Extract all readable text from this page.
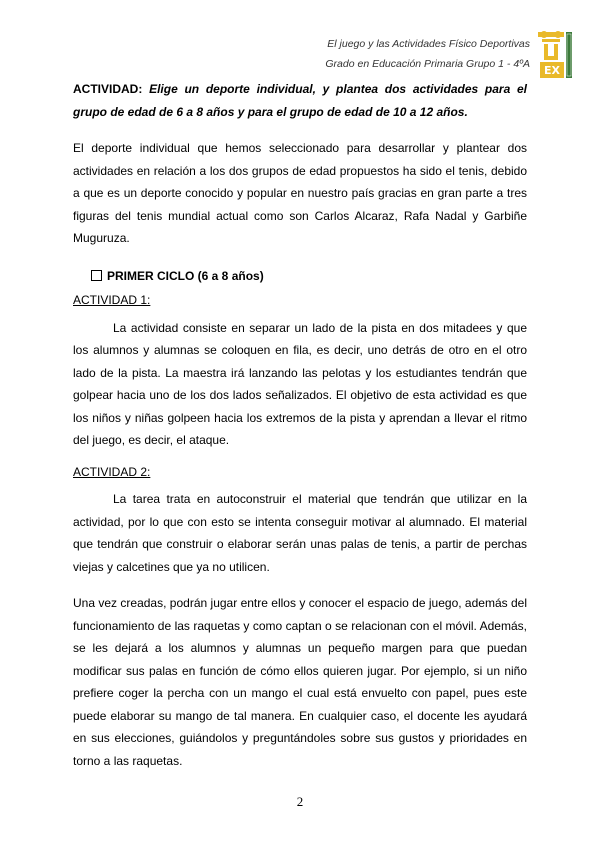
El juego y las Actividades Físico Deportivas
Grado en Educación Primaria Grupo 1 - 4ºA EX

ACTIVIDAD: Elige un deporte individual, y plantea dos actividades para el grupo de edad de 6 a 8 años y para el grupo de edad de 10 a 12 años.

El deporte individual que hemos seleccionado para desarrollar y plantear dos actividades en relación a los dos grupos de edad propuestos ha sido el tenis, debido a que es un deporte conocido y popular en nuestro país gracias en gran parte a tres figuras del tenis mundial actual como son Carlos Alcaraz, Rafa Nadal y Garbiñe Muguruza.

PRIMER CICLO (6 a 8 años)
ACTIVIDAD 1:

La actividad consiste en separar un lado de la pista en dos mitadees y que los alumnos y alumnas se coloquen en fila, es decir, uno detrás de otro en el otro lado de la pista. La maestra irá lanzando las pelotas y los estudiantes tendrán que golpear hacia uno de los dos lados señalizados. El objetivo de esta actividad es que los niños y niñas golpeen hacia los extremos de la pista y aprendan a llevar el ritmo del juego, es decir, el ataque.

ACTIVIDAD 2:

La tarea trata en autoconstruir el material que tendrán que utilizar en la actividad, por lo que con esto se intenta conseguir motivar al alumnado. El material que tendrán que construir o elaborar serán unas palas de tenis, a partir de perchas viejas y calcetines que ya no utilicen.

Una vez creadas, podrán jugar entre ellos y conocer el espacio de juego, además del funcionamiento de las raquetas y como captan o se relacionan con el móvil. Además, se les dejará a los alumnos y alumnas un pequeño margen para que puedan modificar sus palas en función de cómo ellos quieren jugar. Por ejemplo, si un niño prefiere coger la percha con un mango el cual está envuelto con papel, pues este puede elaborar su mango de tal manera. En cualquier caso, el docente les ayudará en sus elecciones, guiándolos y preguntándoles sobre sus gustos y prioridades en torno a las raquetas.

2
